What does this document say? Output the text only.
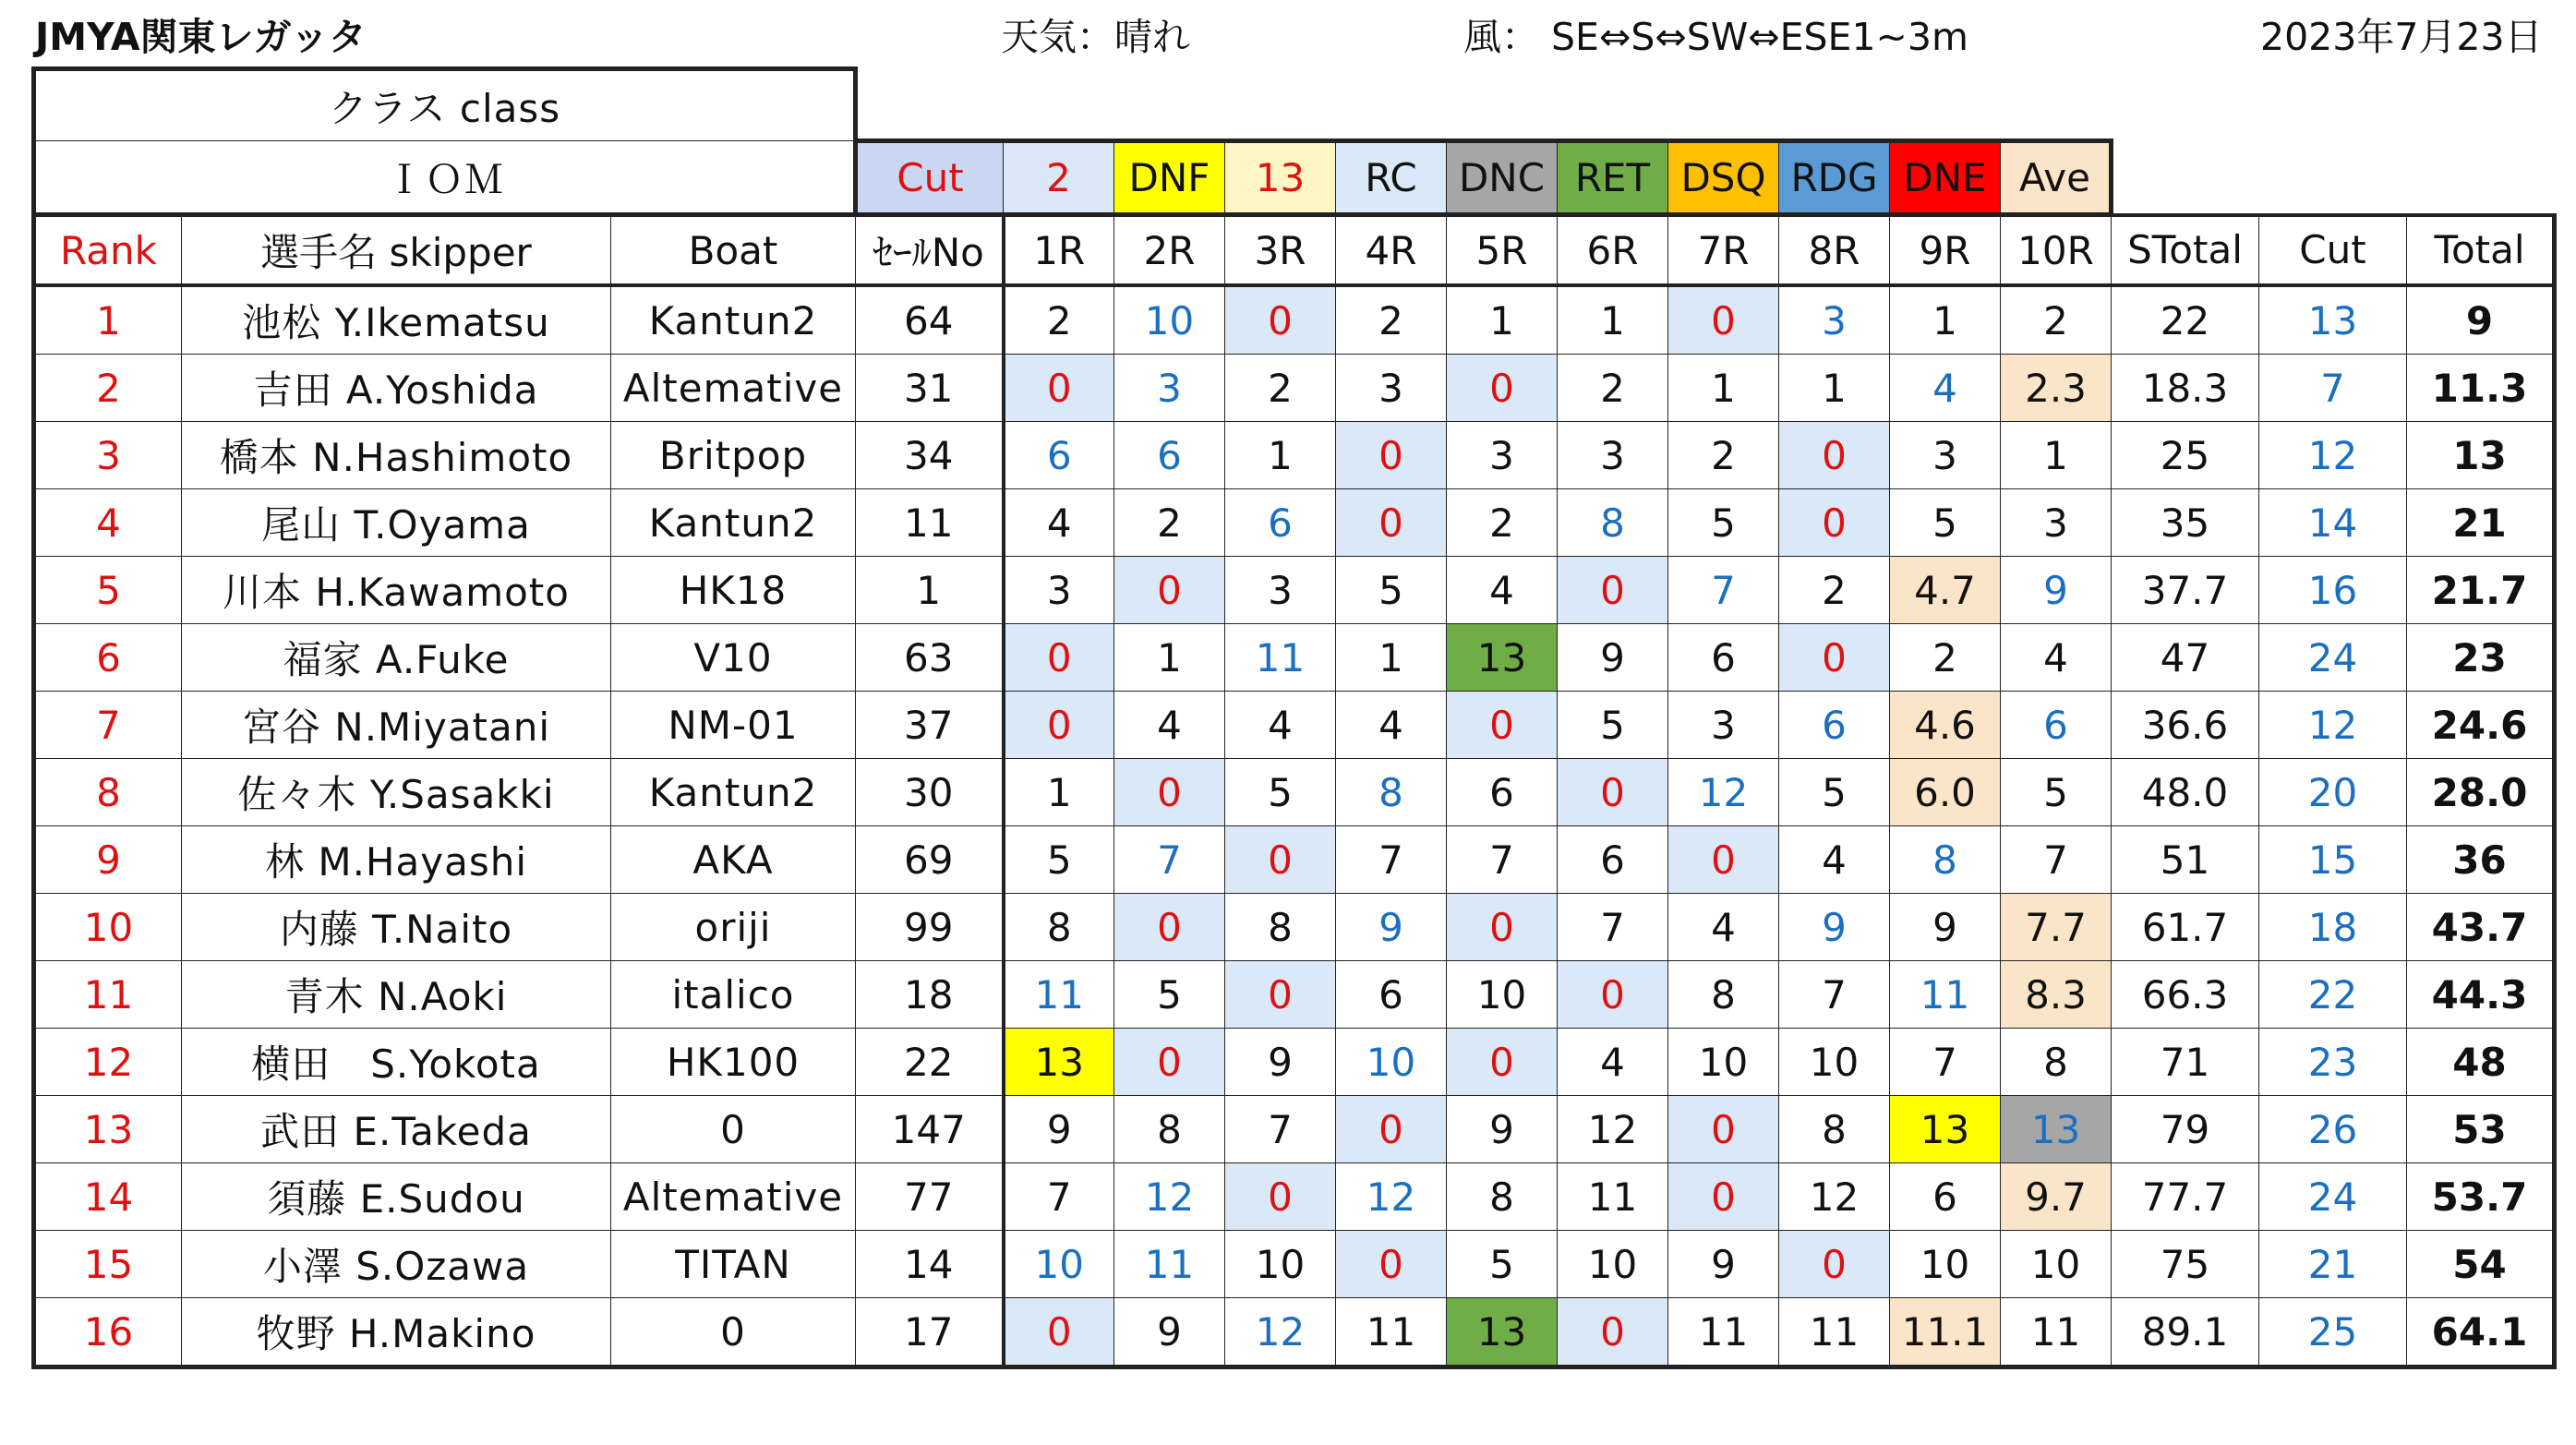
JMYA関東レガッタ	天気：晴れ	風： SE⇔S⇔SW⇔ESE1~3m	2023年7月23日
クラス class																
ＩＯＭ			Cut	2	DNF	13	RC	DNC	RET	DSQ	RDG	DNE	Ave			
Rank	選手名 skipper	Boat	ｾｰﾙNo	1R	2R	3R	4R	5R	6R	7R	8R	9R	10R	STotal	Cut	Total
1	池松 Y.Ikematsu	Kantun2	64	2	10	0	2	1	1	0	3	1	2	22	13	9
2	吉田 A.Yoshida	Altemative	31	0	3	2	3	0	2	1	1	4	2.3	18.3	7	11.3
3	橋本 N.Hashimoto	Britpop	34	6	6	1	0	3	3	2	0	3	1	25	12	13
4	尾山 T.Oyama	Kantun2	11	4	2	6	0	2	8	5	0	5	3	35	14	21
5	川本 H.Kawamoto	HK18	1	3	0	3	5	4	0	7	2	4.7	9	37.7	16	21.7
6	福家 A.Fuke	V10	63	0	1	11	1	13	9	6	0	2	4	47	24	23
7	宮谷 N.Miyatani	NM-01	37	0	4	4	4	0	5	3	6	4.6	6	36.6	12	24.6
8	佐々木 Y.Sasakki	Kantun2	30	1	0	5	8	6	0	12	5	6.0	5	48.0	20	28.0
9	林 M.Hayashi	AKA	69	5	7	0	7	7	6	0	4	8	7	51	15	36
10	内藤 T.Naito	oriji	99	8	0	8	9	0	7	4	9	9	7.7	61.7	18	43.7
11	青木 N.Aoki	italico	18	11	5	0	6	10	0	8	7	11	8.3	66.3	22	44.3
12	横田　S.Yokota	HK100	22	13	0	9	10	0	4	10	10	7	8	71	23	48
13	武田 E.Takeda	0	147	9	8	7	0	9	12	0	8	13	13	79	26	53
14	須藤 E.Sudou	Altemative	77	7	12	0	12	8	11	0	12	6	9.7	77.7	24	53.7
15	小澤 S.Ozawa	TITAN	14	10	11	10	0	5	10	9	0	10	10	75	21	54
16	牧野 H.Makino	0	17	0	9	12	11	13	0	11	11	11.1	11	89.1	25	64.1
